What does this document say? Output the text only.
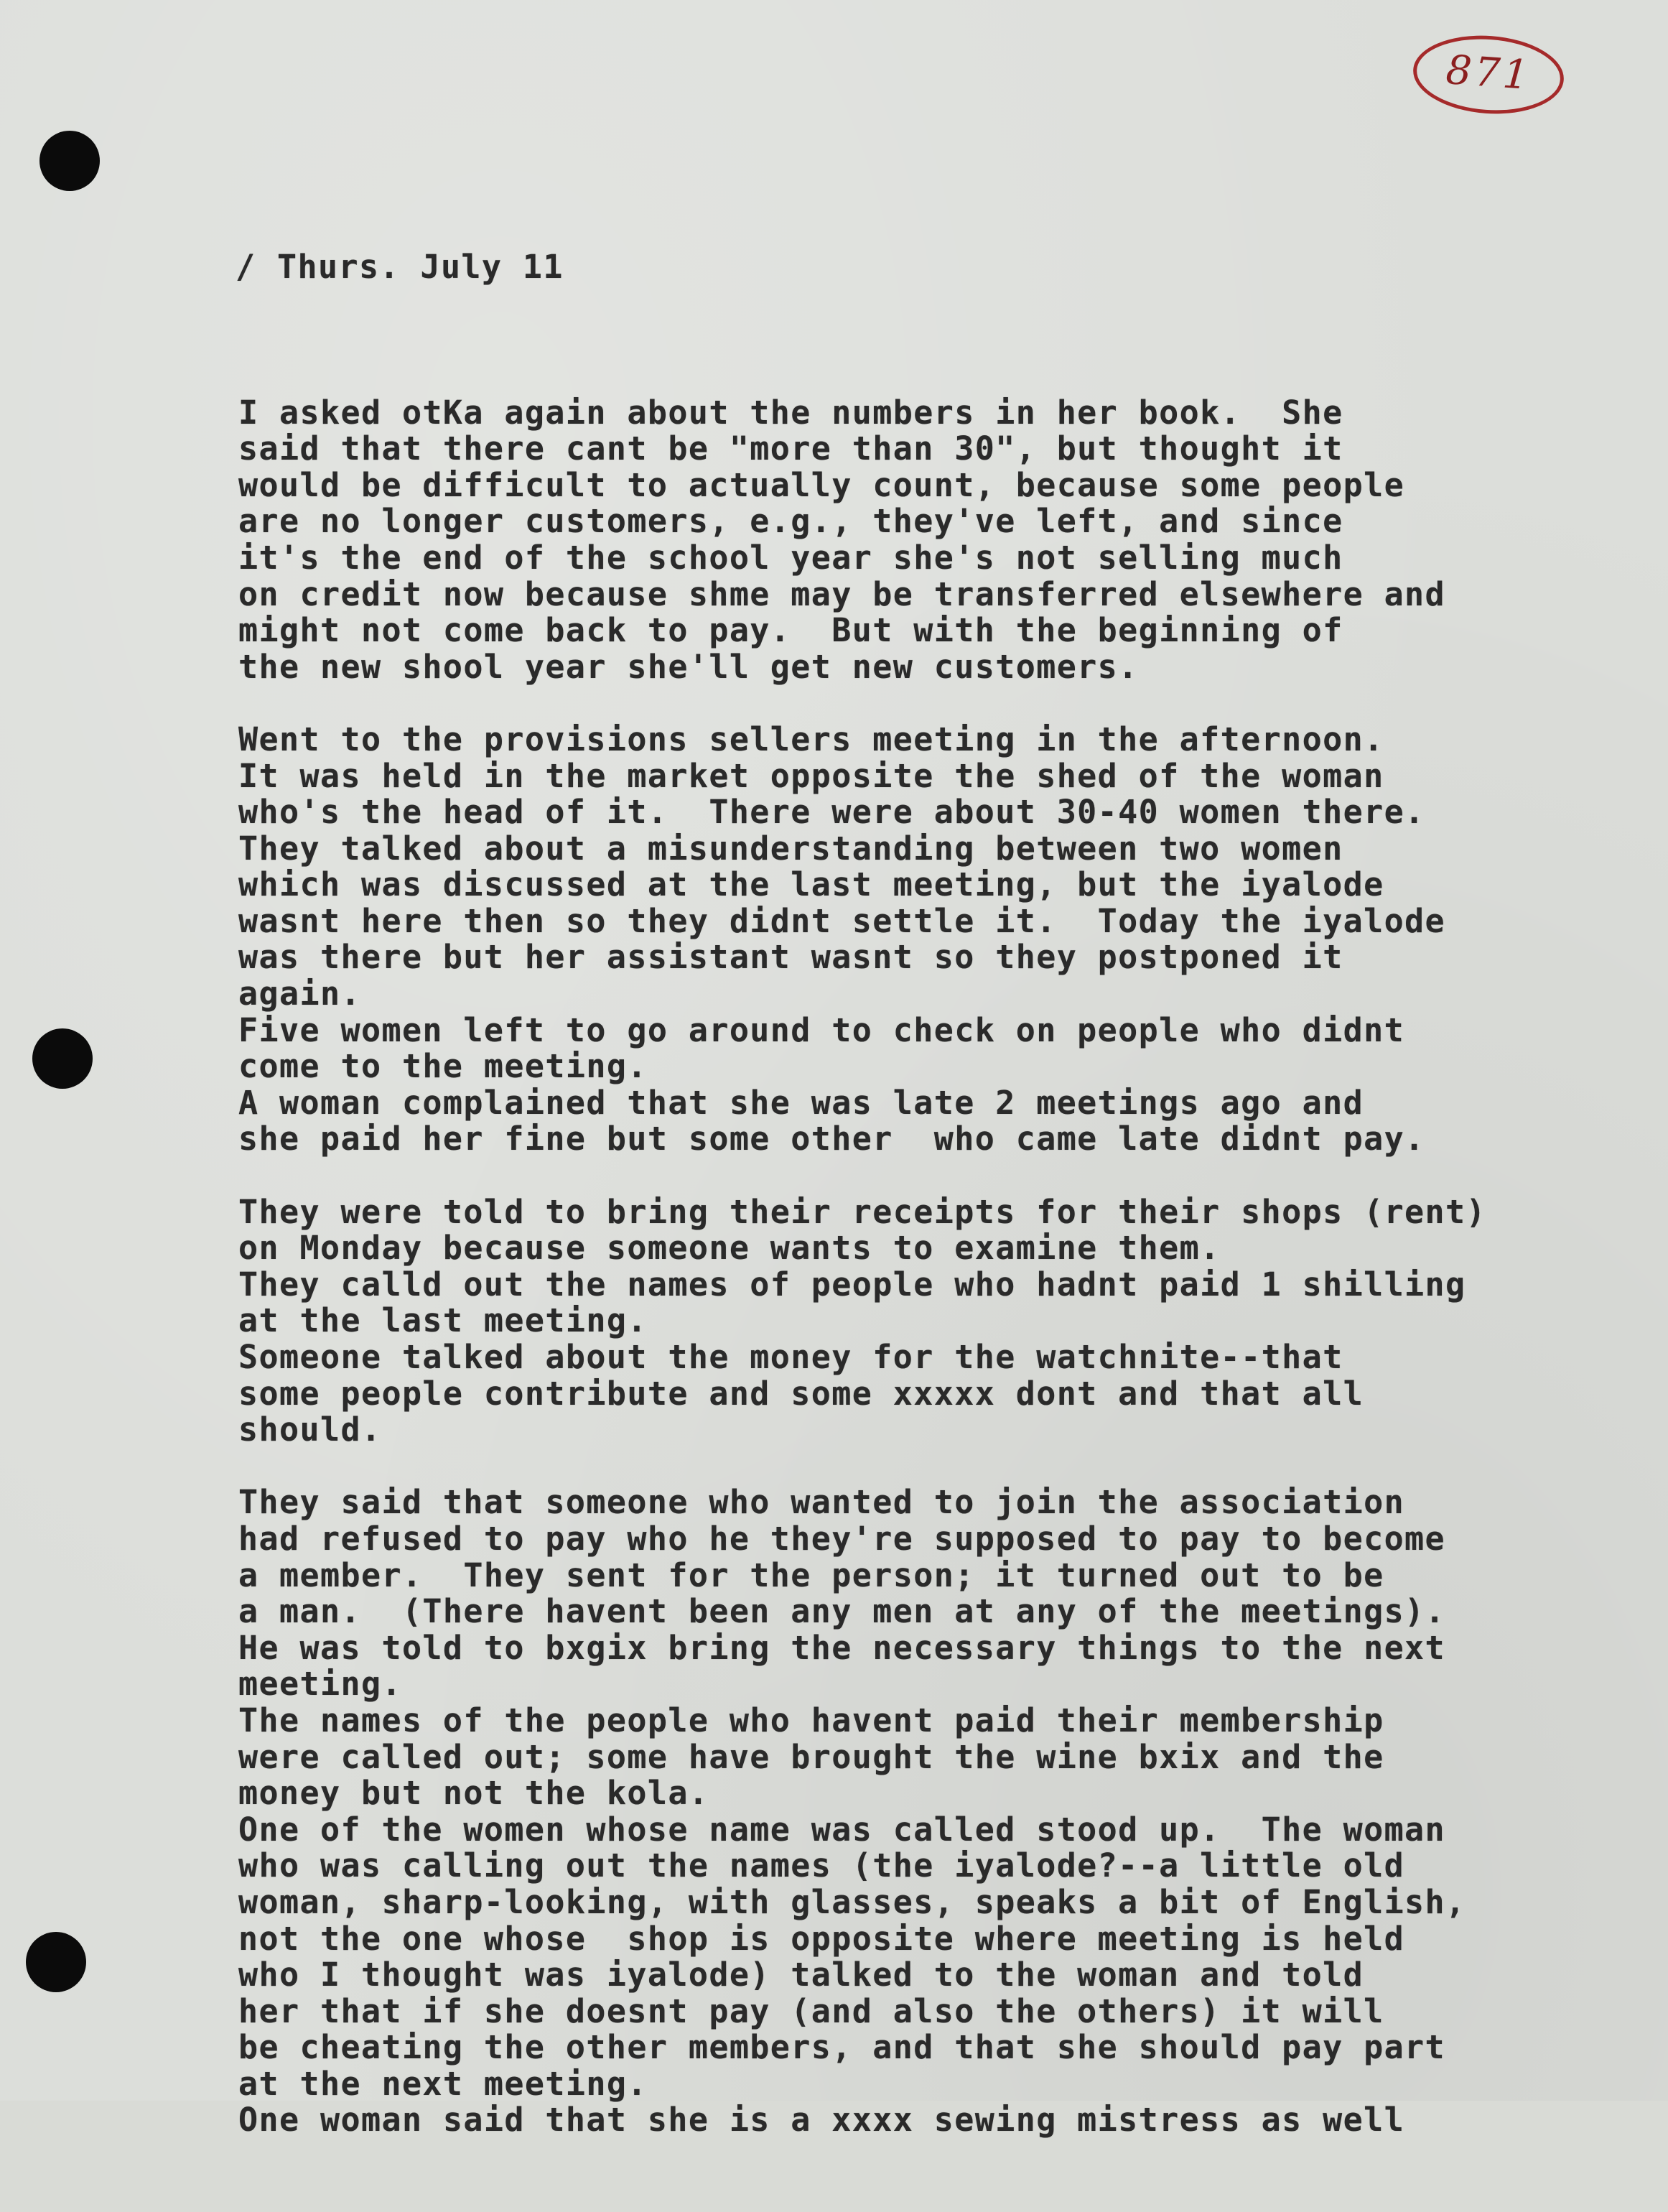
871

/ Thurs. July 11

I asked otKa again about the numbers in her book.  She
said that there cant be "more than 30", but thought it
would be difficult to actually count, because some people
are no longer customers, e.g., they've left, and since
it's the end of the school year she's not selling much
on credit now because shme may be transferred elsewhere and
might not come back to pay.  But with the beginning of
the new shool year she'll get new customers.
Went to the provisions sellers meeting in the afternoon.
It was held in the market opposite the shed of the woman
who's the head of it.  There were about 30-40 women there.
They talked about a misunderstanding between two women
which was discussed at the last meeting, but the iyalode
wasnt here then so they didnt settle it.  Today the iyalode
was there but her assistant wasnt so they postponed it
again.
Five women left to go around to check on people who didnt
come to the meeting.
A woman complained that she was late 2 meetings ago and
she paid her fine but some other  who came late didnt pay.
They were told to bring their receipts for their shops (rent)
on Monday because someone wants to examine them.
They calld out the names of people who hadnt paid 1 shilling
at the last meeting.
Someone talked about the money for the watchnite--that
some people contribute and some xxxxx dont and that all
should.
They said that someone who wanted to join the association
had refused to pay who he they're supposed to pay to become
a member.  They sent for the person; it turned out to be
a man.  (There havent been any men at any of the meetings).
He was told to bxgix bring the necessary things to the next
meeting.
The names of the people who havent paid their membership
were called out; some have brought the wine bxix and the
money but not the kola.
One of the women whose name was called stood up.  The woman
who was calling out the names (the iyalode?--a little old
woman, sharp-looking, with glasses, speaks a bit of English,
not the one whose  shop is opposite where meeting is held
who I thought was iyalode) talked to the woman and told
her that if she doesnt pay (and also the others) it will
be cheating the other members, and that she should pay part
at the next meeting.
One woman said that she is a xxxx sewing mistress as well
